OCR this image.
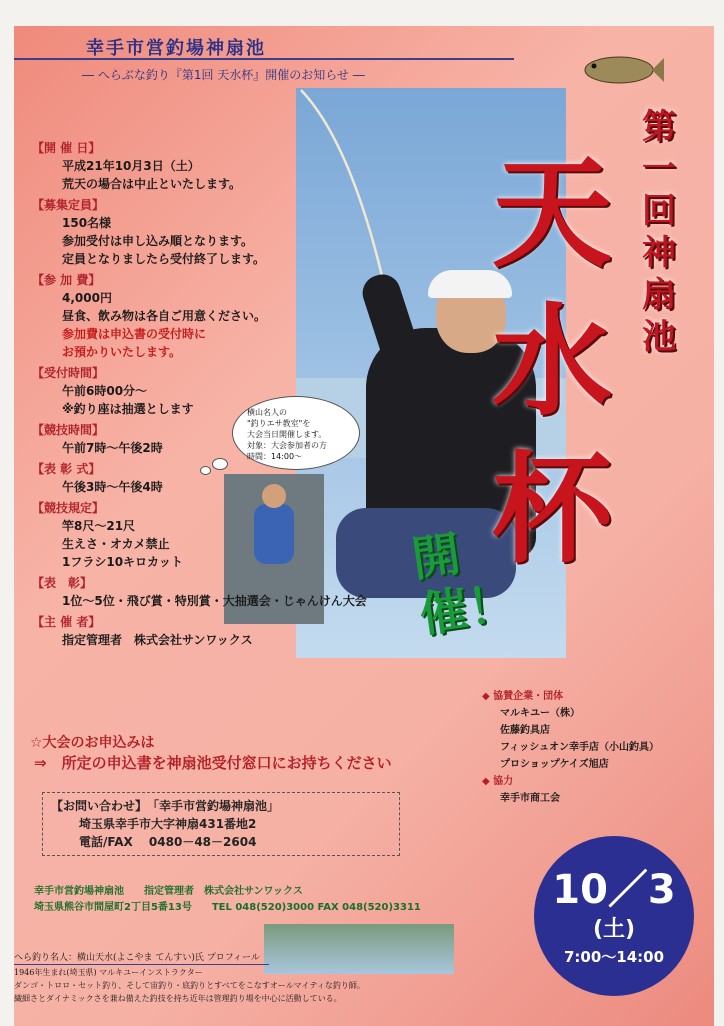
幸手市営釣場神扇池
― へらぶな釣り『第1回 天水杯』開催のお知らせ ―
横山名人の
"釣りエサ教室"を
大会当日開催します。
対象：大会参加者の方
時間：14:00～
【開 催 日】
平成21年10月3日（土）
荒天の場合は中止といたします。
【募集定員】
150名様
参加受付は申し込み順となります。
定員となりましたら受付終了します。
【参 加 費】
4,000円
昼食、飲み物は各自ご用意ください。
参加費は申込書の受付時に
お預かりいたします。
【受付時間】
午前6時00分～
※釣り座は抽選とします
【競技時間】
午前7時～午後2時
【表 彰 式】
午後3時～午後4時
【競技規定】
竿8尺～21尺
生えさ・オカメ禁止
1フラシ10キロカット
【表　彰】
1位～5位・飛び賞・特別賞・大抽選会・じゃんけん大会
【主 催 者】
指定管理者　株式会社サンワックス
第一回神扇池
天水杯
開催！
◆ 協賛企業・団体
マルキユー（株）
佐藤釣具店
フィッシュオン幸手店（小山釣具）
プロショップケイズ旭店
◆ 協力
幸手市商工会
☆大会のお申込みは
⇒　所定の申込書を神扇池受付窓口にお持ちください
【お問い合わせ】　「幸手市営釣場神扇池」
埼玉県幸手市大字神扇431番地2
電話/FAX　 0480－48－2604
幸手市営釣場神扇池　　指定管理者　株式会社サンワックス
埼玉県熊谷市間屋町2丁目5番13号　　TEL 048(520)3000 FAX 048(520)3311	10／3
(土)
7:00～14:00
へら釣り名人：横山天水(よこやま てんすい)氏 プロフィール
1946年生まれ(埼玉県) マルキユーインストラクター
ダンゴ・トロロ・セット釣り、そして宙釣り・底釣りとすべてをこなすオールマイティな釣り師。
繊細さとダイナミックさを兼ね備えた釣技を持ち近年は管理釣り場を中心に活動している。
